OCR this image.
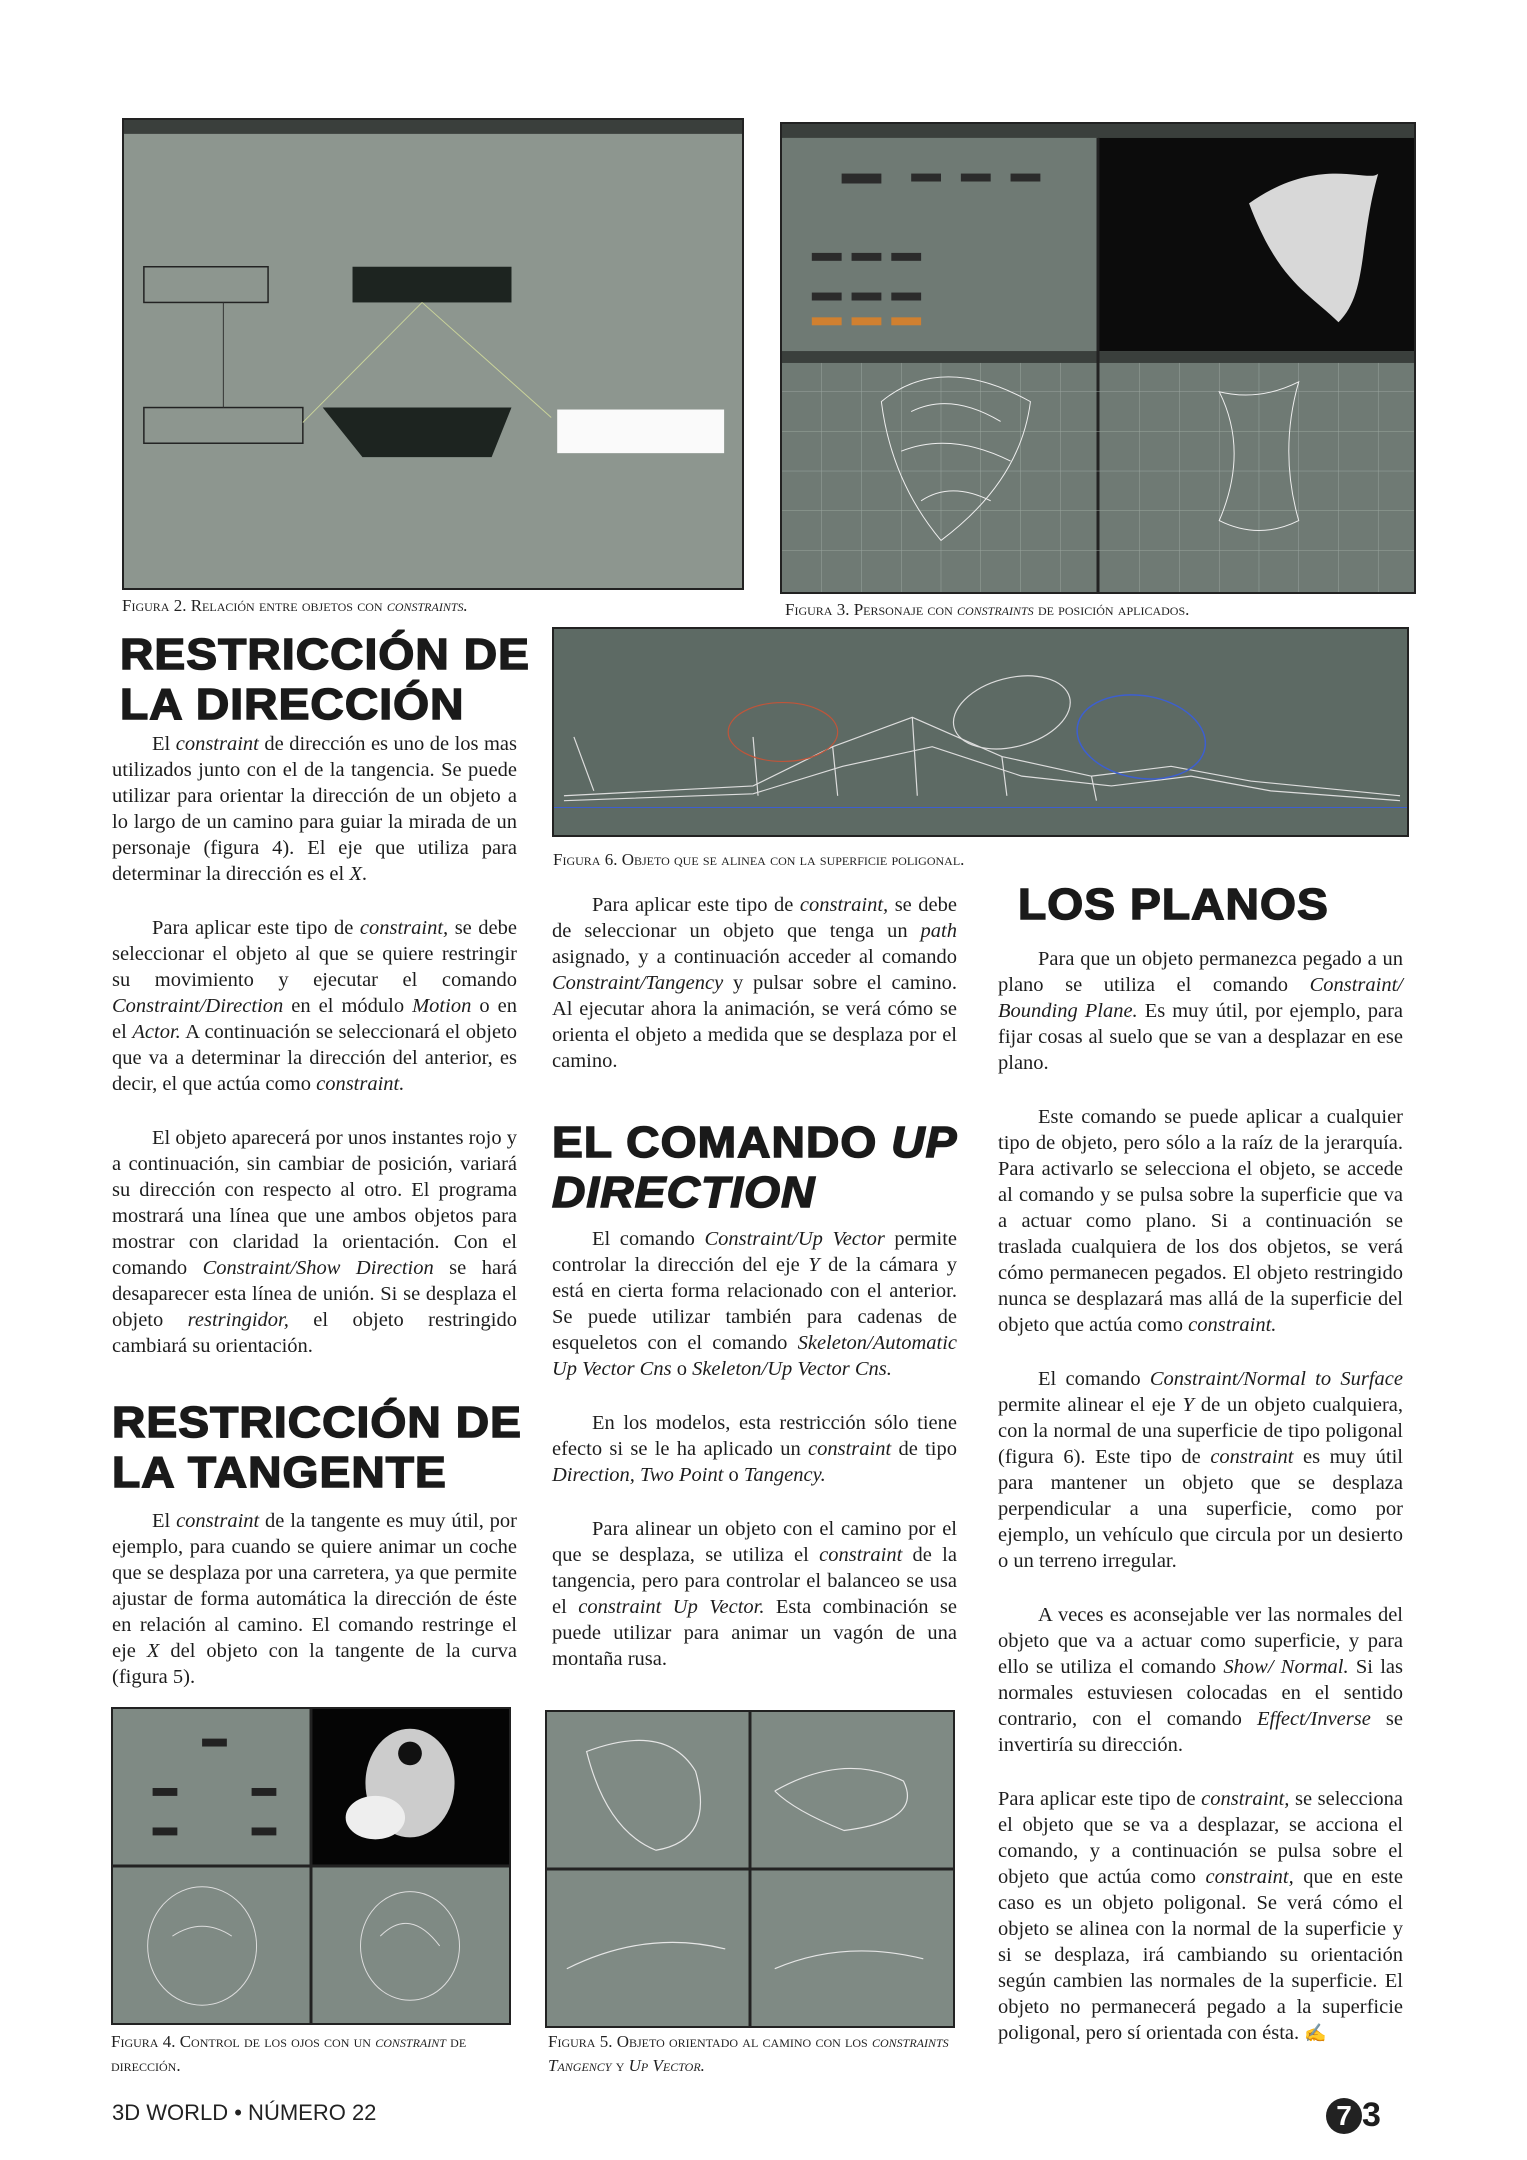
Figura 2. Relación entre objetos con constraints.	Figura 3. Personaje con constraints de posición aplicados.
RESTRICCIÓN DE LA DIRECCIÓN
Figura 6. Objeto que se alinea con la superficie poligonal.

El constraint de dirección es uno de los mas utilizados junto con el de la tangencia. Se puede utilizar para orientar la dirección de un objeto a lo largo de un camino para guiar la mirada de un personaje (figura 4). El eje que utiliza para determinar la dirección es el X.

Para aplicar este tipo de constraint, se debe seleccionar el objeto al que se quiere restringir su movimiento y ejecutar el comando Constraint/Direction en el módulo Motion o en el Actor. A continuación se seleccionará el objeto que va a determinar la dirección del anterior, es decir, el que actúa como constraint.

El objeto aparecerá por unos instantes rojo y a continuación, sin cambiar de posición, variará su dirección con respecto al otro. El programa mostrará una línea que une ambos objetos para mostrar con claridad la orientación. Con el comando Constraint/Show Direction se hará desaparecer esta línea de unión. Si se desplaza el objeto restringidor, el objeto restringido cambiará su orientación.

RESTRICCIÓN DE LA TANGENTE

El constraint de la tangente es muy útil, por ejemplo, para cuando se quiere animar un coche que se desplaza por una carretera, ya que permite ajustar de forma automática la dirección de éste en relación al camino. El comando restringe el eje X del objeto con la tangente de la curva (figura 5).

Para aplicar este tipo de constraint, se debe de seleccionar un objeto que tenga un path asignado, y a continuación acceder al comando Constraint/Tangency y pulsar sobre el camino. Al ejecutar ahora la animación, se verá cómo se orienta el objeto a medida que se desplaza por el camino.

EL COMANDO UP DIRECTION

El comando Constraint/Up Vector permite controlar la dirección del eje Y de la cámara y está en cierta forma relacionado con el anterior. Se puede utilizar también para cadenas de esqueletos con el comando Skeleton/Automatic Up Vector Cns o Skeleton/Up Vector Cns.

En los modelos, esta restricción sólo tiene efecto si se le ha aplicado un constraint de tipo Direction, Two Point o Tangency.

Para alinear un objeto con el camino por el que se desplaza, se utiliza el constraint de la tangencia, pero para controlar el balanceo se usa el constraint Up Vector. Esta combinación se puede utilizar para animar un vagón de una montaña rusa.

LOS PLANOS

Para que un objeto permanezca pegado a un plano se utiliza el comando Constraint/ Bounding Plane. Es muy útil, por ejemplo, para fijar cosas al suelo que se van a desplazar en ese plano.

Este comando se puede aplicar a cualquier tipo de objeto, pero sólo a la raíz de la jerarquía. Para activarlo se selecciona el objeto, se accede al comando y se pulsa sobre la superficie que va a actuar como plano. Si a continuación se traslada cualquiera de los dos objetos, se verá cómo permanecen pegados. El objeto restringido nunca se desplazará mas allá de la superficie del objeto que actúa como constraint.

El comando Constraint/Normal to Surface permite alinear el eje Y de un objeto cualquiera, con la normal de una superficie de tipo poligonal (figura 6). Este tipo de constraint es muy útil para mantener un objeto que se desplaza perpendicular a una superficie, como por ejemplo, un vehículo que circula por un desierto o un terreno irregular.

A veces es aconsejable ver las normales del objeto que va a actuar como superficie, y para ello se utiliza el comando Show/ Normal. Si las normales estuviesen colocadas en el sentido contrario, con el comando Effect/Inverse se invertiría su dirección.

Para aplicar este tipo de constraint, se selecciona el objeto que se va a desplazar, se acciona el comando, y a continuación se pulsa sobre el objeto que actúa como constraint, que en este caso es un objeto poligonal. Se verá cómo el objeto se alinea con la normal de la superficie y si se desplaza, irá cambiando su orientación según cambien las normales de la superficie. El objeto no permanecerá pegado a la superficie poligonal, pero sí orientada con ésta. ✍
Figura 4. Control de los ojos con un constraint de dirección.
Figura 5. Objeto orientado al camino con los constraints Tangency y Up Vector.
3D WORLD • NÚMERO 22	7 3
